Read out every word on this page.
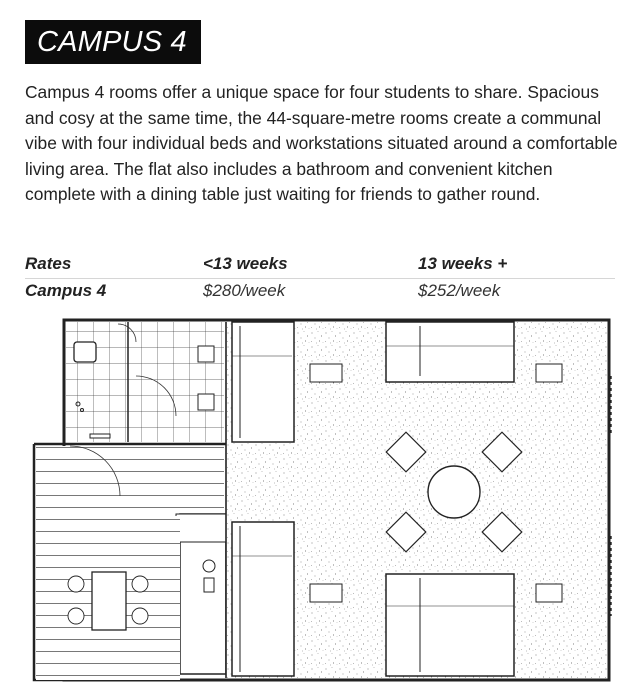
CAMPUS 4

Campus 4 rooms offer a unique space for four students to share. Spacious and cosy at the same time, the 44-square-metre rooms create a communal vibe with four individual beds and workstations situated around a comfortable living area. The flat also includes a bathroom and convenient kitchen complete with a dining table just waiting for friends to gather round.

Rates	<13 weeks	13 weeks +
Campus 4	$280/week	$252/week
